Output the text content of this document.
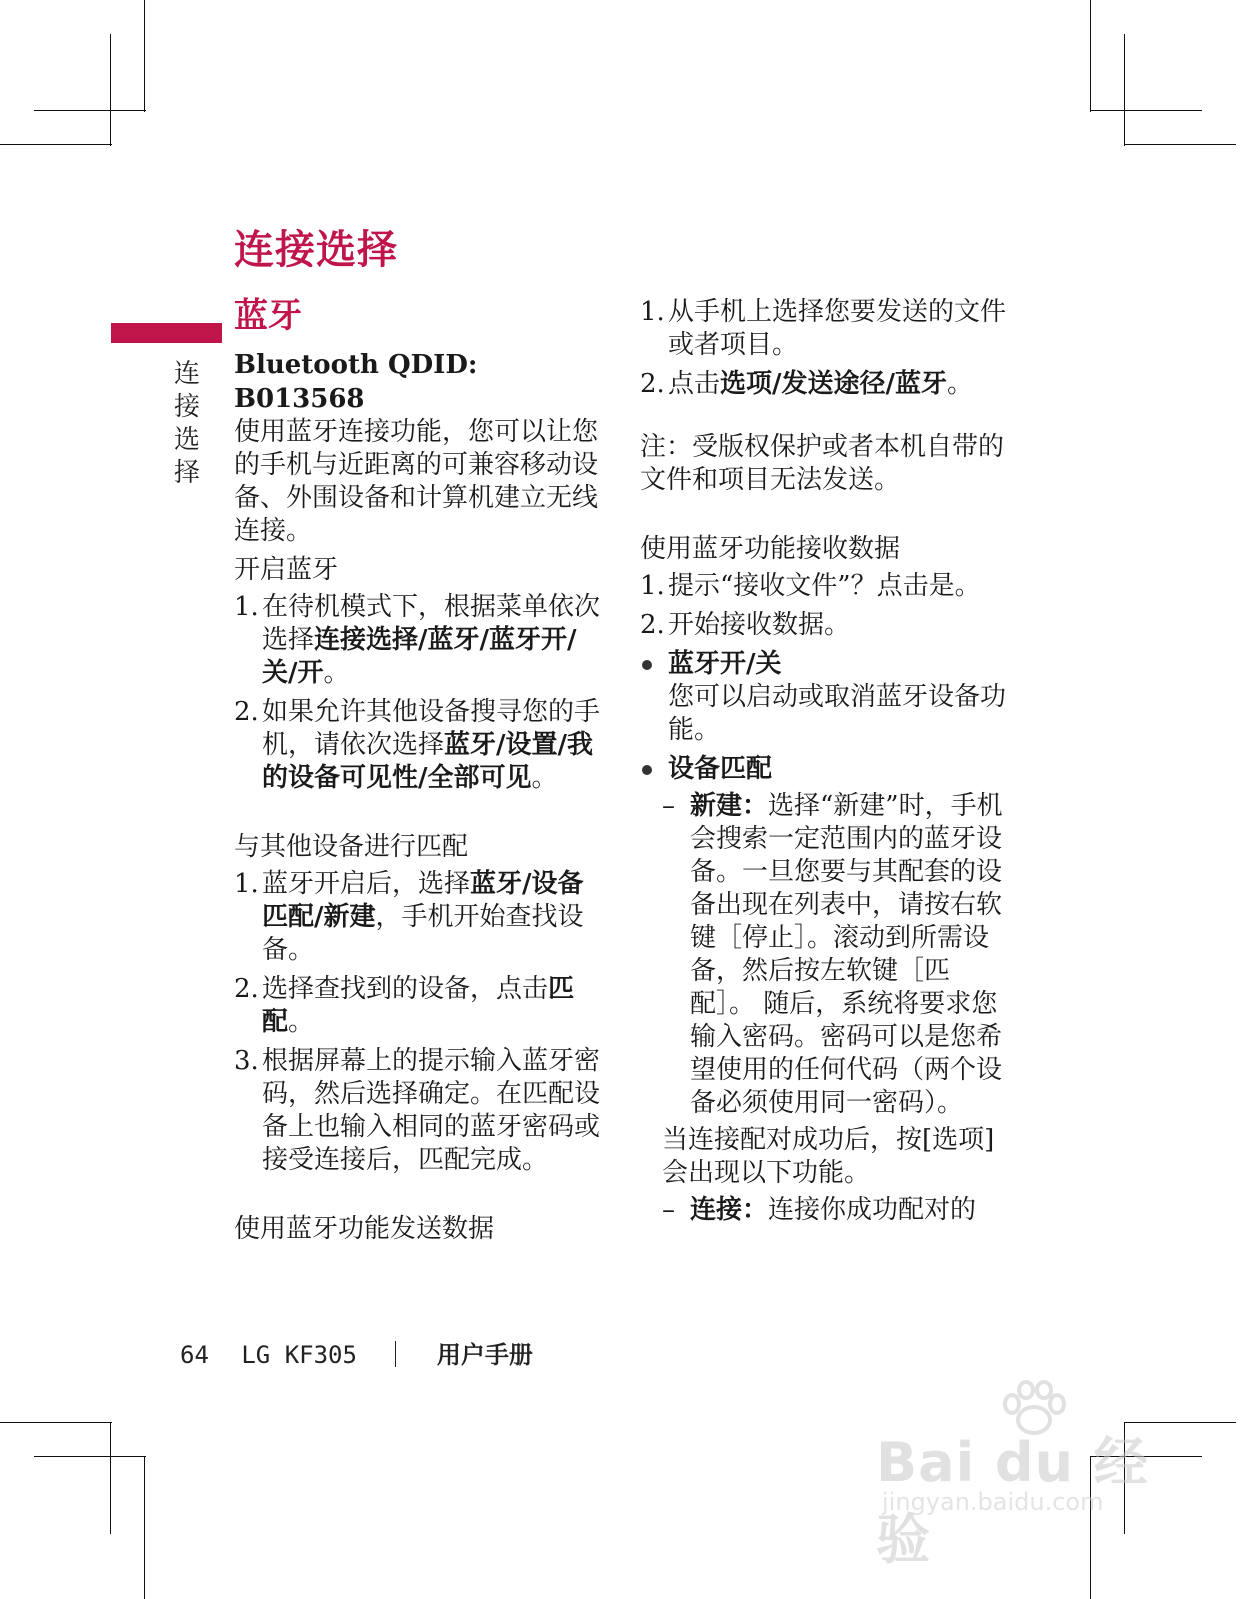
连接选择
连
接
选
择
蓝牙

Bluetooth QDID: B013568

使用蓝牙连接功能，您可以让您的手机与近距离的可兼容移动设备、外围设备和计算机建立无线连接。

开启蓝牙

1. 在待机模式下，根据菜单依次选择连接选择/蓝牙/蓝牙开/关/开。
2. 如果允许其他设备搜寻您的手机，请依次选择蓝牙/设置/我的设备可见性/全部可见。

与其他设备进行匹配

1. 蓝牙开启后，选择蓝牙/设备匹配/新建，手机开始查找设备。
2. 选择查找到的设备，点击匹配。
3. 根据屏幕上的提示输入蓝牙密码，然后选择确定。在匹配设备上也输入相同的蓝牙密码或接受连接后，匹配完成。

使用蓝牙功能发送数据

1. 从手机上选择您要发送的文件或者项目。
2. 点击选项/发送途径/蓝牙。

注：受版权保护或者本机自带的文件和项目无法发送。

使用蓝牙功能接收数据

1. 提示“接收文件”？点击是。
2. 开始接收数据。
蓝牙开/关

您可以启动或取消蓝牙设备功能。

设备匹配
– 新建：选择“新建”时，手机会搜索一定范围内的蓝牙设备。一旦您要与其配套的设备出现在列表中，请按右软键［停止］。滚动到所需设备，然后按左软键［匹配］。 随后，系统将要求您输入密码。密码可以是您希望使用的任何代码（两个设备必须使用同一密码）。

当连接配对成功后，按[选项]会出现以下功能。

– 连接：连接你成功配对的
64 LG KF305	用户手册
Bai du 经验
jingyan.baidu.com
